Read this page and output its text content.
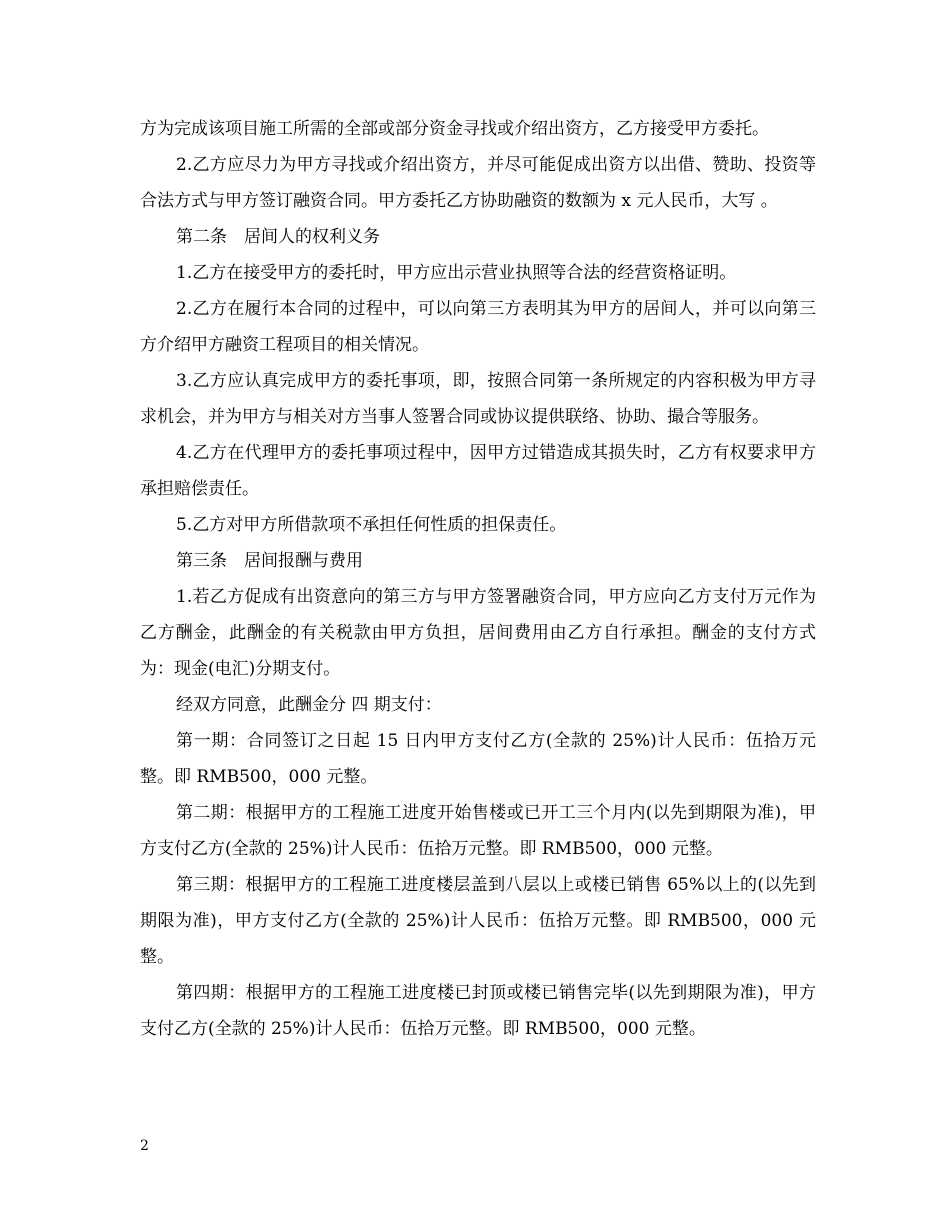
方为完成该项目施工所需的全部或部分资金寻找或介绍出资方，乙方接受甲方委托。

2.乙方应尽力为甲方寻找或介绍出资方，并尽可能促成出资方以出借、赞助、投资等合法方式与甲方签订融资合同。甲方委托乙方协助融资的数额为 x 元人民币，大写 。

第二条　居间人的权利义务

1.乙方在接受甲方的委托时，甲方应出示营业执照等合法的经营资格证明。

2.乙方在履行本合同的过程中，可以向第三方表明其为甲方的居间人，并可以向第三方介绍甲方融资工程项目的相关情况。

3.乙方应认真完成甲方的委托事项，即，按照合同第一条所规定的内容积极为甲方寻求机会，并为甲方与相关对方当事人签署合同或协议提供联络、协助、撮合等服务。

4.乙方在代理甲方的委托事项过程中，因甲方过错造成其损失时，乙方有权要求甲方承担赔偿责任。

5.乙方对甲方所借款项不承担任何性质的担保责任。

第三条　居间报酬与费用

1.若乙方促成有出资意向的第三方与甲方签署融资合同，甲方应向乙方支付万元作为乙方酬金，此酬金的有关税款由甲方负担，居间费用由乙方自行承担。酬金的支付方式为：现金(电汇)分期支付。

经双方同意，此酬金分 四 期支付：

第一期：合同签订之日起 15 日内甲方支付乙方(全款的 25%)计人民币：伍拾万元整。即 RMB500，000 元整。

第二期：根据甲方的工程施工进度开始售楼或已开工三个月内(以先到期限为准)，甲方支付乙方(全款的 25%)计人民币：伍拾万元整。即 RMB500，000 元整。

第三期：根据甲方的工程施工进度楼层盖到八层以上或楼已销售 65%以上的(以先到期限为准)，甲方支付乙方(全款的 25%)计人民币：伍拾万元整。即 RMB500，000 元整。

第四期：根据甲方的工程施工进度楼已封顶或楼已销售完毕(以先到期限为准)，甲方支付乙方(全款的 25%)计人民币：伍拾万元整。即 RMB500，000 元整。

2
